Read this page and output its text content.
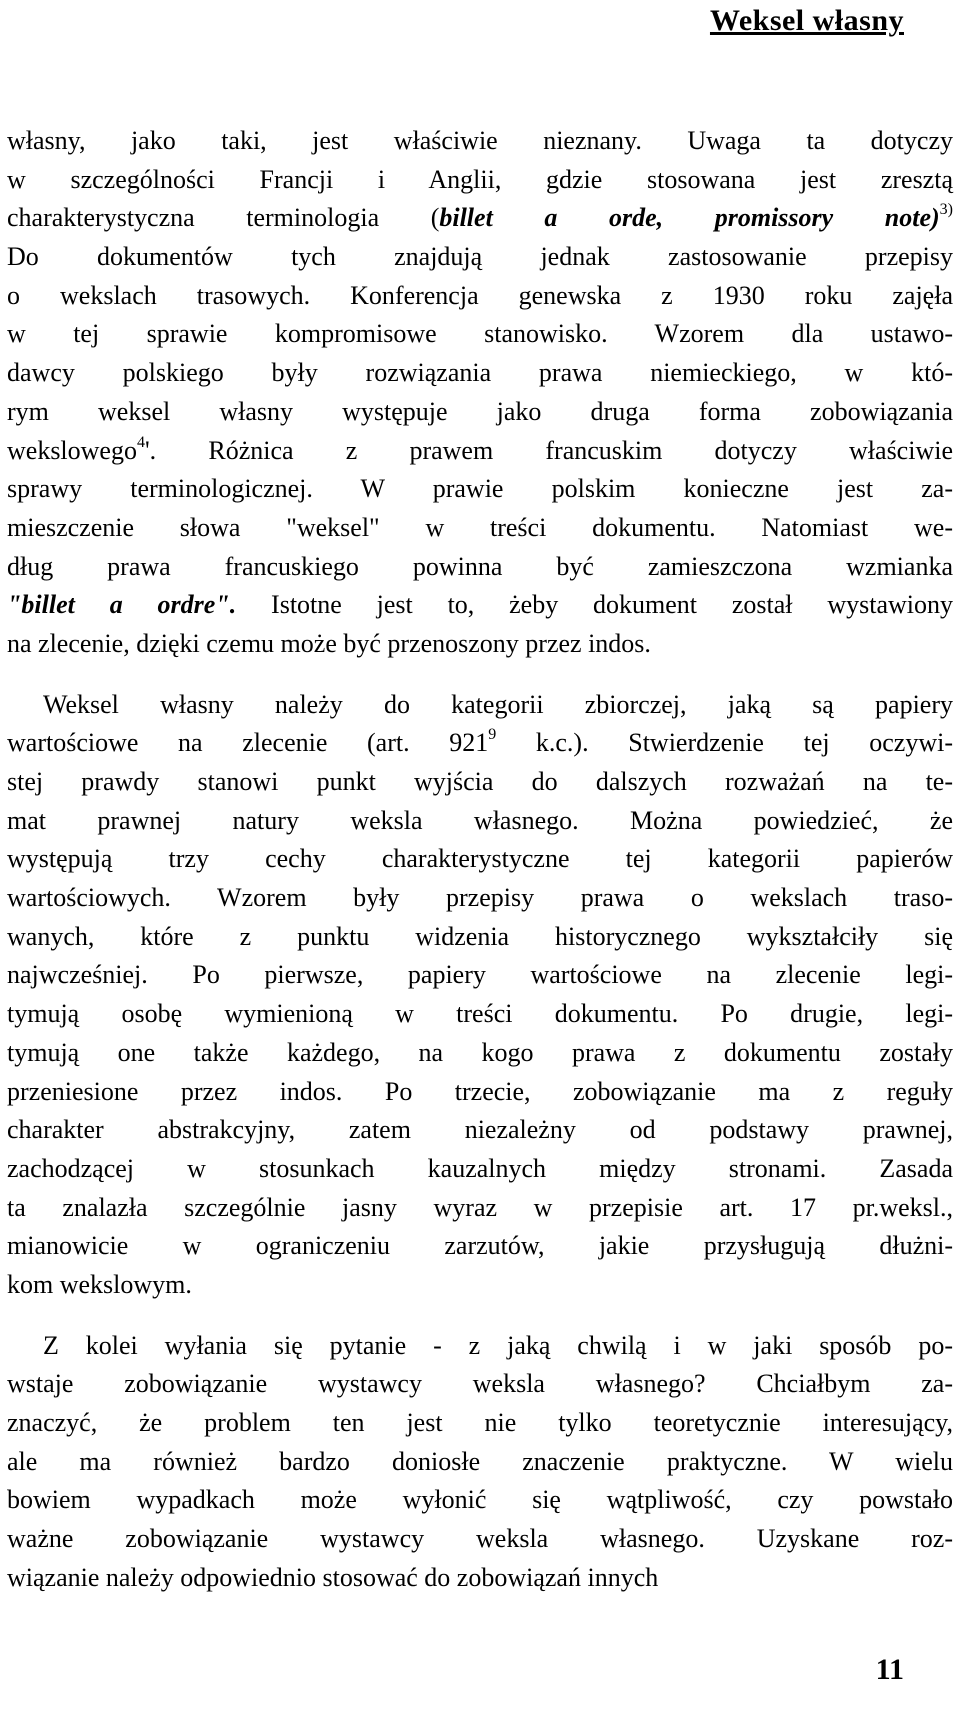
Weksel własny
własny, jako taki, jest właściwie nieznany. Uwaga ta dotyczy
w szczególności Francji i Anglii, gdzie stosowana jest zresztą
charakterystyczna terminologia (billet a orde, promissory note)$^{3)}$
Do dokumentów tych znajdują jednak zastosowanie przepisy
o wekslach trasowych. Konferencja genewska z 1930 roku zajęła
w tej sprawie kompromisowe stanowisko. Wzorem dla ustawo-
dawcy polskiego były rozwiązania prawa niemieckiego, w któ-
rym weksel własny występuje jako druga forma zobowiązania
wekslowego$^4$'. Różnica z prawem francuskim dotyczy właściwie
sprawy terminologicznej. W prawie polskim konieczne jest za-
mieszczenie słowa "weksel" w treści dokumentu. Natomiast we-
dług prawa francuskiego powinna być zamieszczona wzmianka
"billet a ordre". Istotne jest to, żeby dokument został wystawiony
na zlecenie, dzięki czemu może być przenoszony przez indos.
Weksel własny należy do kategorii zbiorczej, jaką są papiery
wartościowe na zlecenie (art. $921^9$ k.c.). Stwierdzenie tej oczywi-
stej prawdy stanowi punkt wyjścia do dalszych rozważań na te-
mat prawnej natury weksla własnego. Można powiedzieć, że
występują trzy cechy charakterystyczne tej kategorii papierów
wartościowych. Wzorem były przepisy prawa o wekslach traso-
wanych, które z punktu widzenia historycznego wykształciły się
najwcześniej. Po pierwsze, papiery wartościowe na zlecenie legi-
tymują osobę wymienioną w treści dokumentu. Po drugie, legi-
tymują one także każdego, na kogo prawa z dokumentu zostały
przeniesione przez indos. Po trzecie, zobowiązanie ma z reguły
charakter abstrakcyjny, zatem niezależny od podstawy prawnej,
zachodzącej w stosunkach kauzalnych między stronami. Zasada
ta znalazła szczególnie jasny wyraz w przepisie art. 17 pr.weksl.,
mianowicie w ograniczeniu zarzutów, jakie przysługują dłużni-
kom wekslowym.
Z kolei wyłania się pytanie - z jaką chwilą i w jaki sposób po-
wstaje zobowiązanie wystawcy weksla własnego? Chciałbym za-
znaczyć, że problem ten jest nie tylko teoretycznie interesujący,
ale ma również bardzo doniosłe znaczenie praktyczne. W wielu
bowiem wypadkach może wyłonić się wątpliwość, czy powstało
ważne zobowiązanie wystawcy weksla własnego. Uzyskane roz-
wiązanie należy odpowiednio stosować do zobowiązań innych
11
